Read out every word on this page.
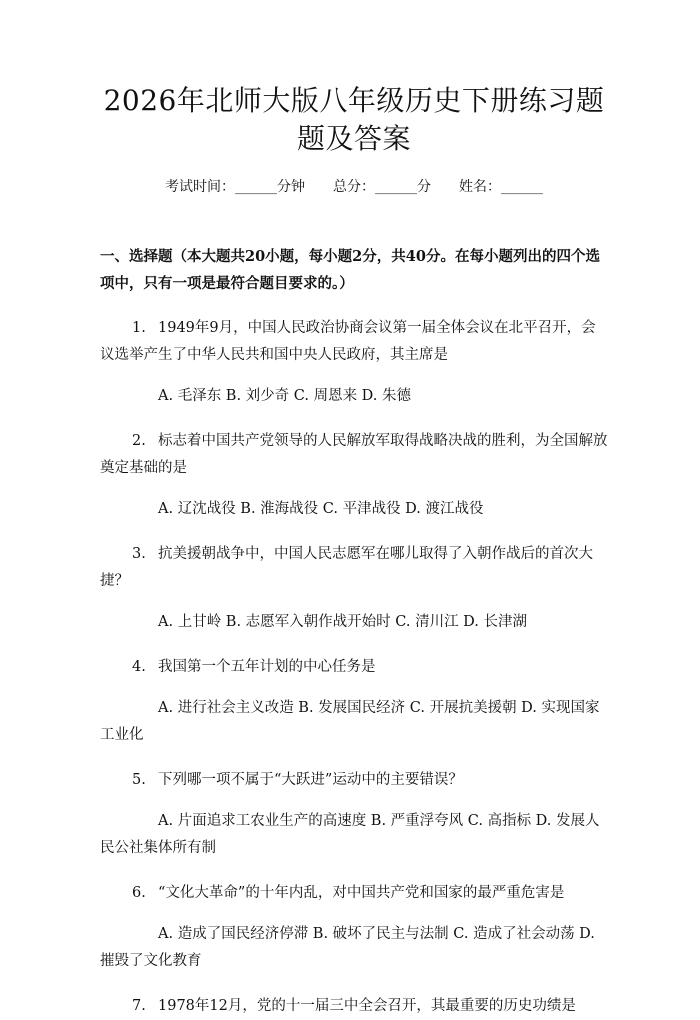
2026年北师大版八年级历史下册练习题题及答案
考试时间：______分钟 总分：______分 姓名：______
一、选择题（本大题共20小题，每小题2分，共40分。在每小题列出的四个选项中，只有一项是最符合题目要求的。）
1. 1949年9月，中国人民政治协商会议第一届全体会议在北平召开，会议选举产生了中华人民共和国中央人民政府，其主席是
A. 毛泽东 B. 刘少奇 C. 周恩来 D. 朱德
2. 标志着中国共产党领导的人民解放军取得战略决战的胜利，为全国解放奠定基础的是
A. 辽沈战役 B. 淮海战役 C. 平津战役 D. 渡江战役
3. 抗美援朝战争中，中国人民志愿军在哪儿取得了入朝作战后的首次大捷？
A. 上甘岭 B. 志愿军入朝作战开始时 C. 清川江 D. 长津湖
4. 我国第一个五年计划的中心任务是
A. 进行社会主义改造 B. 发展国民经济 C. 开展抗美援朝 D. 实现国家工业化
5. 下列哪一项不属于“大跃进”运动中的主要错误？
A. 片面追求工农业生产的高速度 B. 严重浮夸风 C. 高指标 D. 发展人民公社集体所有制
6. “文化大革命”的十年内乱，对中国共产党和国家的最严重危害是
A. 造成了国民经济停滞 B. 破坏了民主与法制 C. 造成了社会动荡 D. 摧毁了文化教育
7. 1978年12月，党的十一届三中全会召开，其最重要的历史功绩是
